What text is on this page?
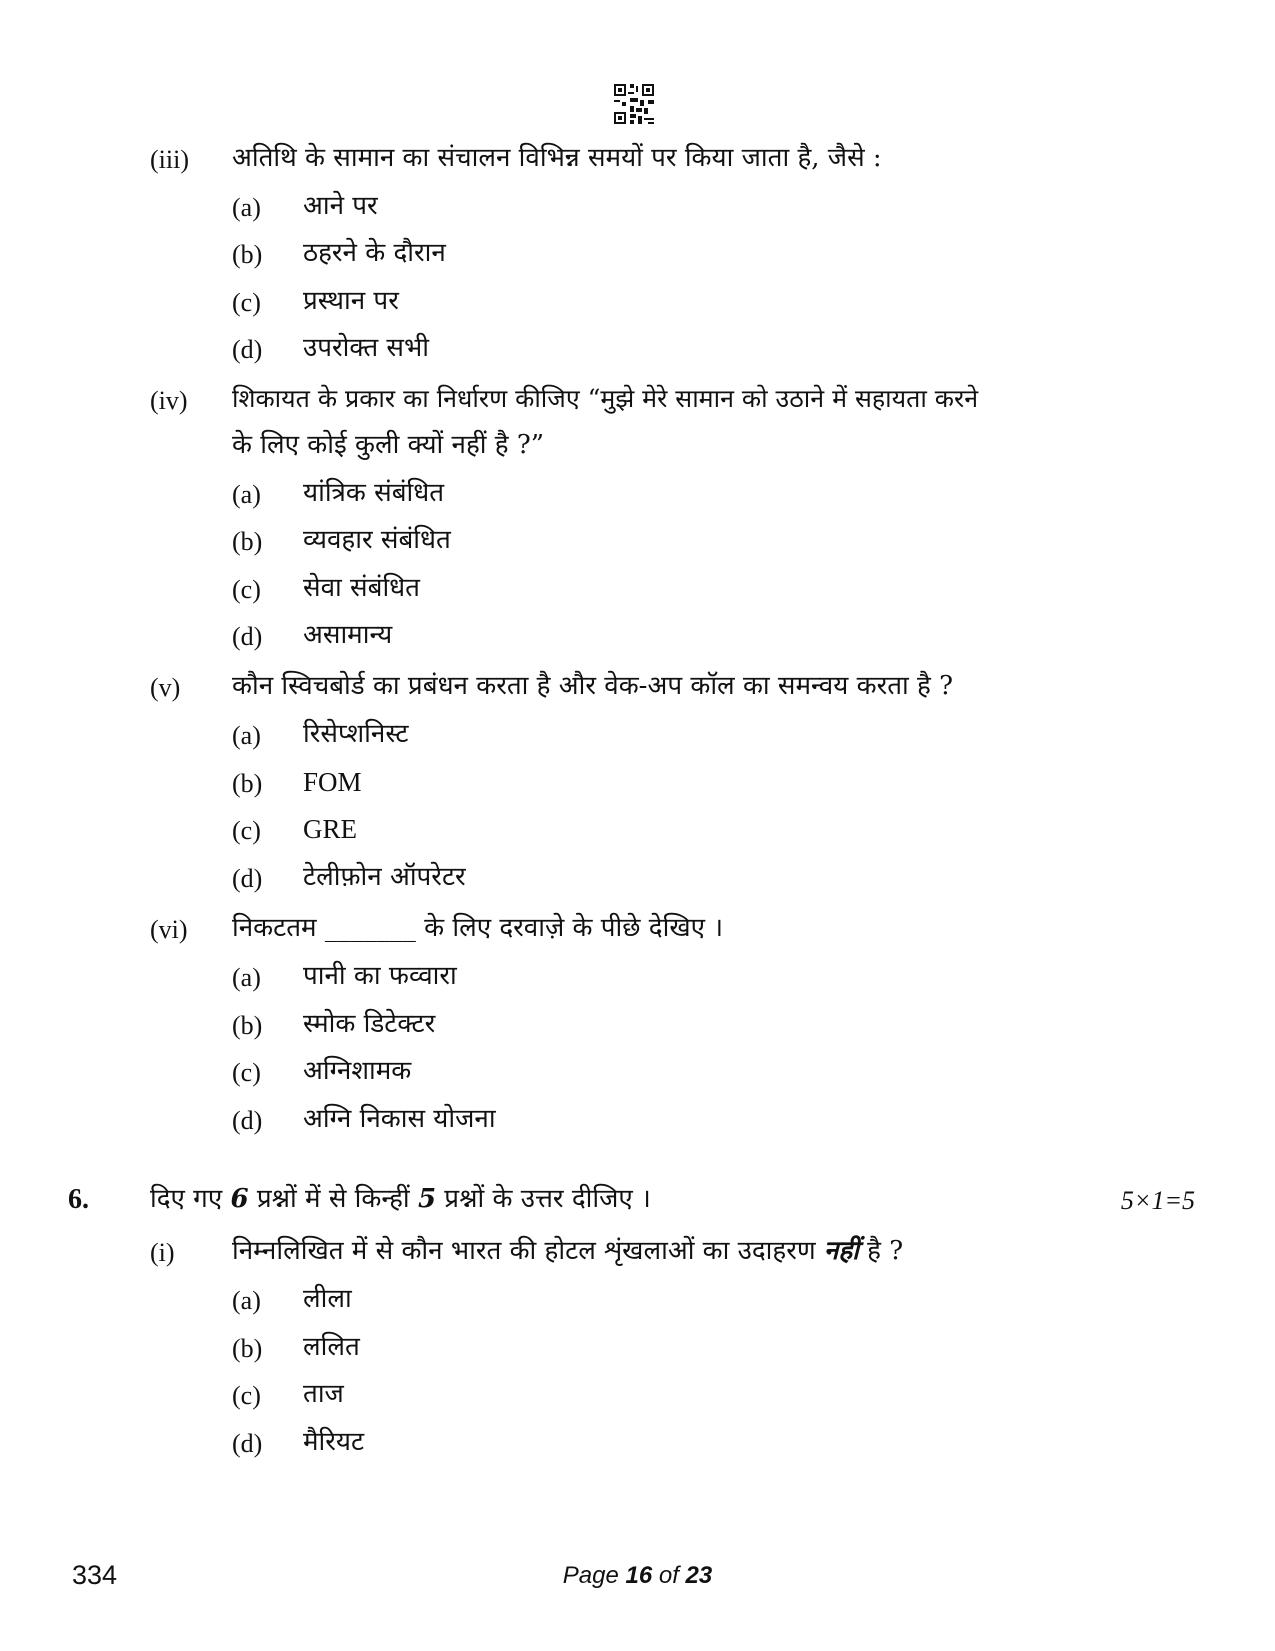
(iii) अतिथि के सामान का संचालन विभिन्न समयों पर किया जाता है, जैसे :
(a) आने पर
(b) ठहरने के दौरान
(c) प्रस्थान पर
(d) उपरोक्त सभी
(iv) शिकायत के प्रकार का निर्धारण कीजिए “मुझे मेरे सामान को उठाने में सहायता करने
के लिए कोई कुली क्यों नहीं है ?”
(a) यांत्रिक संबंधित
(b) व्यवहार संबंधित
(c) सेवा संबंधित
(d) असामान्य
(v) कौन स्विचबोर्ड का प्रबंधन करता है और वेक-अप कॉल का समन्वय करता है ?
(a) रिसेप्शनिस्ट
(b) FOM
(c) GRE
(d) टेलीफ़ोन ऑपरेटर
(vi) निकटतम _______ के लिए दरवाज़े के पीछे देखिए ।
(a) पानी का फव्वारा
(b) स्मोक डिटेक्टर
(c) अग्निशामक
(d) अग्नि निकास योजना
6. दिए गए 6 प्रश्नों में से किन्हीं 5 प्रश्नों के उत्तर दीजिए ।	5×1=5
(i) निम्नलिखित में से कौन भारत की होटल शृंखलाओं का उदाहरण नहीं है ?
(a) लीला
(b) ललित
(c) ताज
(d) मैरियट
334	Page 16 of 23
